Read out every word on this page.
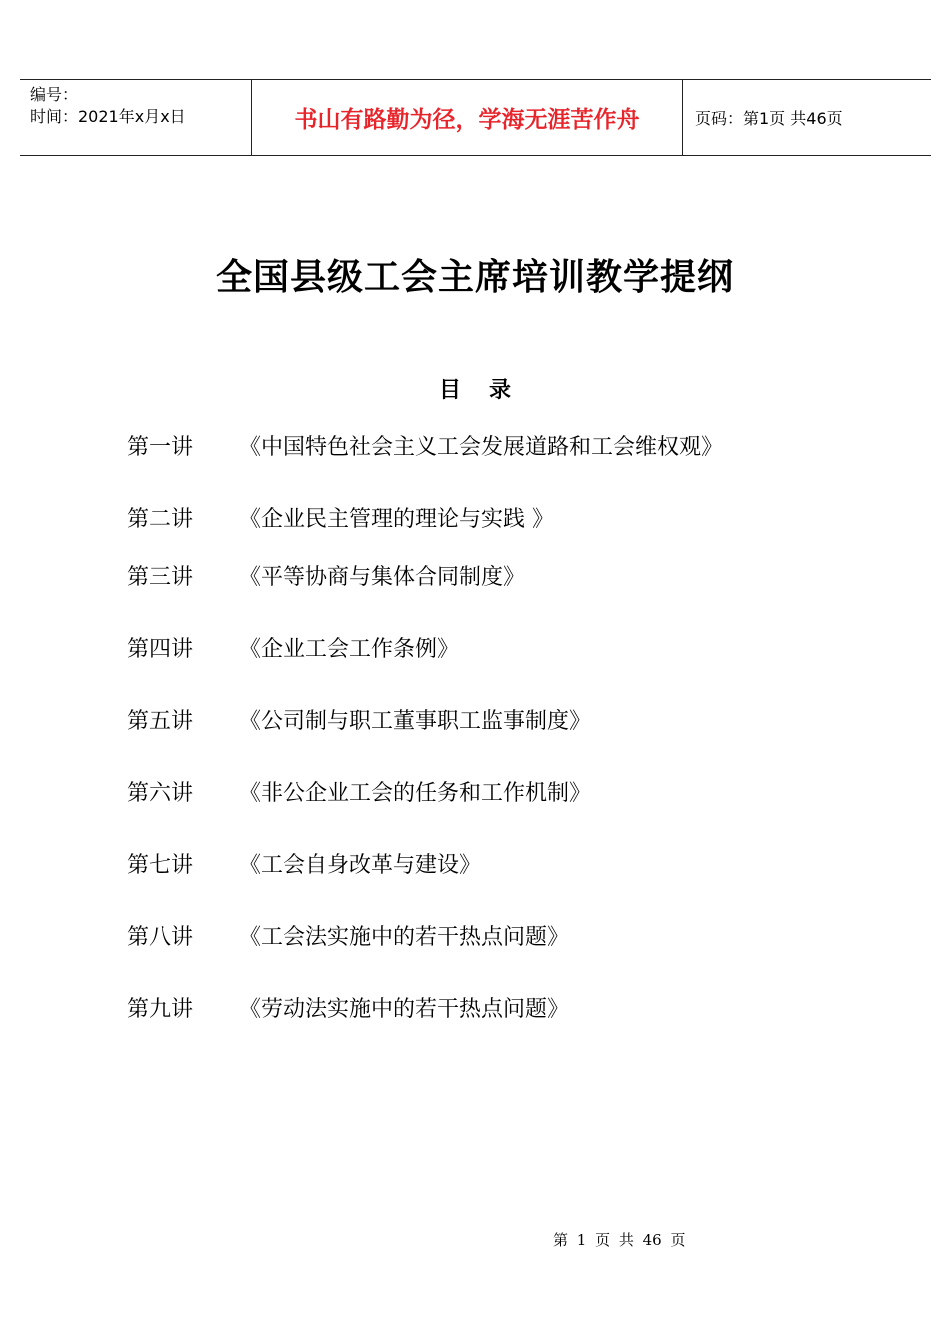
编号：
时间：2021年x月x日	书山有路勤为径，学海无涯苦作舟	页码：第1页 共46页
全国县级工会主席培训教学提纲
目录
第一讲 《中国特色社会主义工会发展道路和工会维权观》
第二讲 《企业民主管理的理论与实践 》
第三讲 《平等协商与集体合同制度》
第四讲 《企业工会工作条例》
第五讲 《公司制与职工董事职工监事制度》
第六讲 《非公企业工会的任务和工作机制》
第七讲 《工会自身改革与建设》
第八讲 《工会法实施中的若干热点问题》
第九讲 《劳动法实施中的若干热点问题》
第 1 页 共 46 页
